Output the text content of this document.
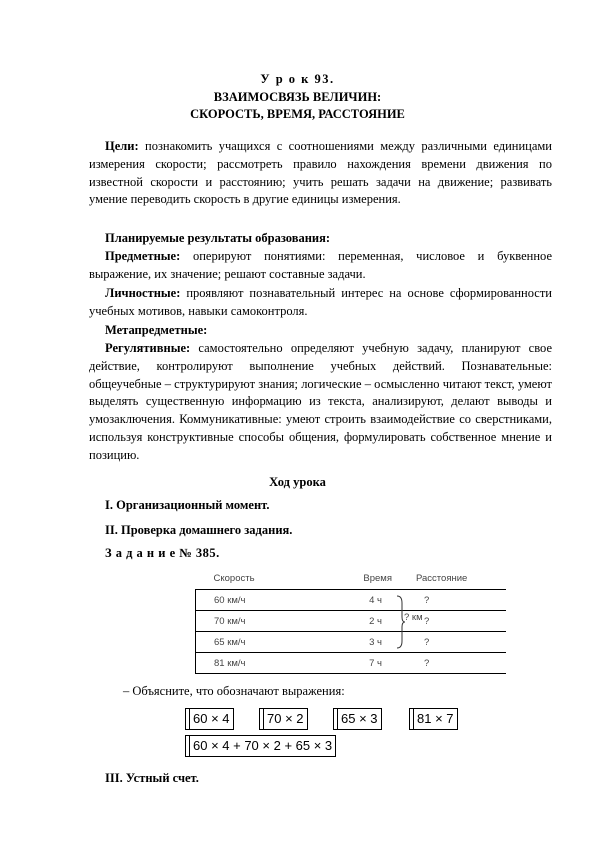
У р о к 93.
ВЗАИМОСВЯЗЬ ВЕЛИЧИН:
СКОРОСТЬ, ВРЕМЯ, РАССТОЯНИЕ
Цели: познакомить учащихся с соотношениями между различными единицами измерения скорости; рассмотреть правило нахождения времени движения по известной скорости и расстоянию; учить решать задачи на движение; развивать умение переводить скорость в другие единицы измерения.
Планируемые результаты образования:
Предметные: оперируют понятиями: переменная, числовое и буквенное выражение, их значение; решают составные задачи.
Личностные: проявляют познавательный интерес на основе сформированности учебных мотивов, навыки самоконтроля.
Метапредметные:
Регулятивные: самостоятельно определяют учебную задачу, планируют свое действие, контролируют выполнение учебных действий. Познавательные: общеучебные – структурируют знания; логические – осмысленно читают текст, умеют выделять существенную информацию из текста, анализируют, делают выводы и умозаключения. Коммуникативные: умеют строить взаимодействие со сверстниками, используя конструктивные способы общения, формулировать собственное мнение и позицию.
Ход урока
I. Организационный момент.
II. Проверка домашнего задания.
З а д а н и е № 385.
Скорость	Время	Расстояние
60 км/ч	4 ч	?
70 км/ч	2 ч	?
65 км/ч	3 ч	?
81 км/ч	7 ч	?
? км
– Объясните, что обозначают выражения:
60 × 4	70 × 2	65 × 3	81 × 7
60 × 4 + 70 × 2 + 65 × 3
III. Устный счет.
